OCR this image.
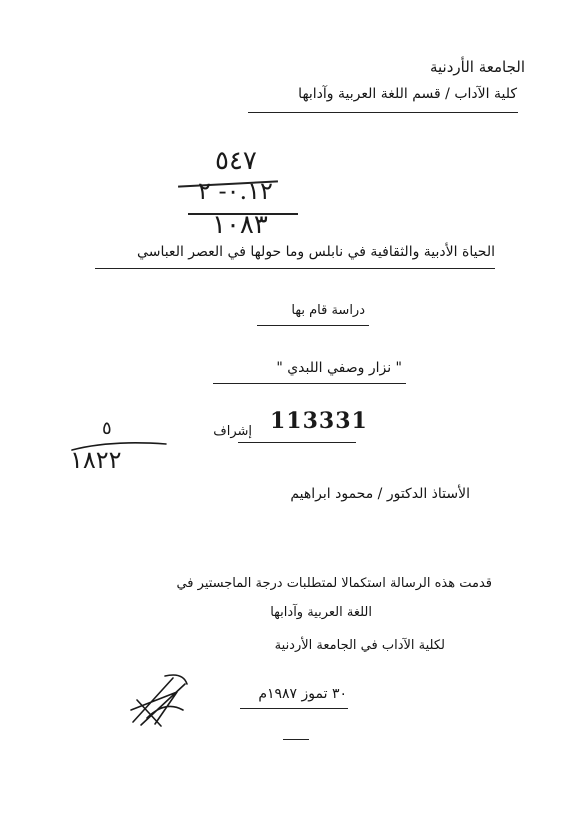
الجامعة الأردنية
كلية الآداب / قسم اللغة العربية وآدابها
٥٤٧
٠.١٢- ٢
١٠٨٣
الحياة الأدبية والثقافية في نابلس وما حولها في العصر العباسي
دراسة قام بها
" نزار وصفي اللبدي "
113331
إشراف
٥
١٨٢٢
الأستاذ الدكتور / محمود ابراهيم
قدمت هذه الرسالة استكمالا لمتطلبات درجة الماجستير في
اللغة العربية وآدابها
لكلية الآداب في الجامعة الأردنية
٣٠ تموز ١٩٨٧م
